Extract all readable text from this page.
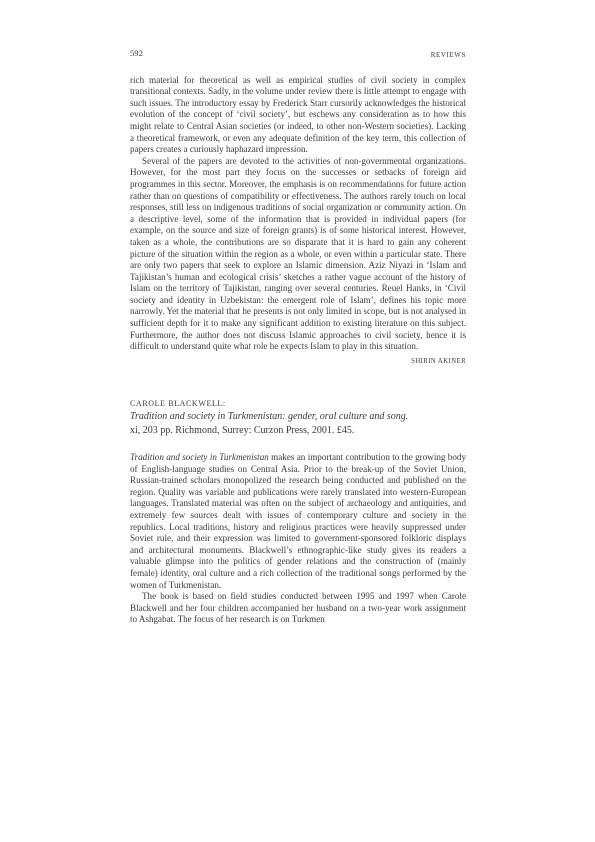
592	REVIEWS

rich material for theoretical as well as empirical studies of civil society in complex transitional contexts. Sadly, in the volume under review there is little attempt to engage with such issues. The introductory essay by Frederick Starr cursorily acknowledges the historical evolution of the concept of ‘civil society’, but eschews any consideration as to how this might relate to Central Asian societies (or indeed, to other non-Western societies). Lacking a theoretical framework, or even any adequate definition of the key term, this collection of papers creates a curiously haphazard impression.

Several of the papers are devoted to the activities of non-governmental organizations. However, for the most part they focus on the successes or setbacks of foreign aid programmes in this sector. Moreover, the emphasis is on recommendations for future action rather than on questions of compatibility or effectiveness. The authors rarely touch on local responses, still less on indigenous traditions of social organization or community action. On a descriptive level, some of the information that is provided in individual papers (for example, on the source and size of foreign grants) is of some historical interest. However, taken as a whole, the contributions are so disparate that it is hard to gain any coherent picture of the situation within the region as a whole, or even within a particular state. There are only two papers that seek to explore an Islamic dimension. Aziz Niyazi in ‘Islam and Tajikistan’s human and ecological crisis’ sketches a rather vague account of the history of Islam on the territory of Tajikistan, ranging over several centuries. Reuel Hanks, in ‘Civil society and identity in Uzbekistan: the emergent role of Islam’, defines his topic more narrowly. Yet the material that he presents is not only limited in scope, but is not analysed in sufficient depth for it to make any significant addition to existing literature on this subject. Furthermore, the author does not discuss Islamic approaches to civil society, hence it is difficult to understand quite what role he expects Islam to play in this situation.

SHIRIN AKINER
CAROLE BLACKWELL:
Tradition and society in Turkmenistan: gender, oral culture and song.
xi, 203 pp. Richmond, Surrey: Curzon Press, 2001. £45.

Tradition and society in Turkmenistan makes an important contribution to the growing body of English-language studies on Central Asia. Prior to the break-up of the Soviet Union, Russian-trained scholars monopolized the research being conducted and published on the region. Quality was variable and publications were rarely translated into western-European languages. Translated material was often on the subject of archaeology and antiquities, and extremely few sources dealt with issues of contemporary culture and society in the republics. Local traditions, history and religious practices were heavily suppressed under Soviet rule, and their expression was limited to government-sponsored folkloric displays and architectural monuments. Blackwell’s ethnographic-like study gives its readers a valuable glimpse into the politics of gender relations and the construction of (mainly female) identity, oral culture and a rich collection of the traditional songs performed by the women of Turkmenistan.

The book is based on field studies conducted between 1995 and 1997 when Carole Blackwell and her four children accompanied her husband on a two-year work assignment to Ashgabat. The focus of her research is on Turkmen
